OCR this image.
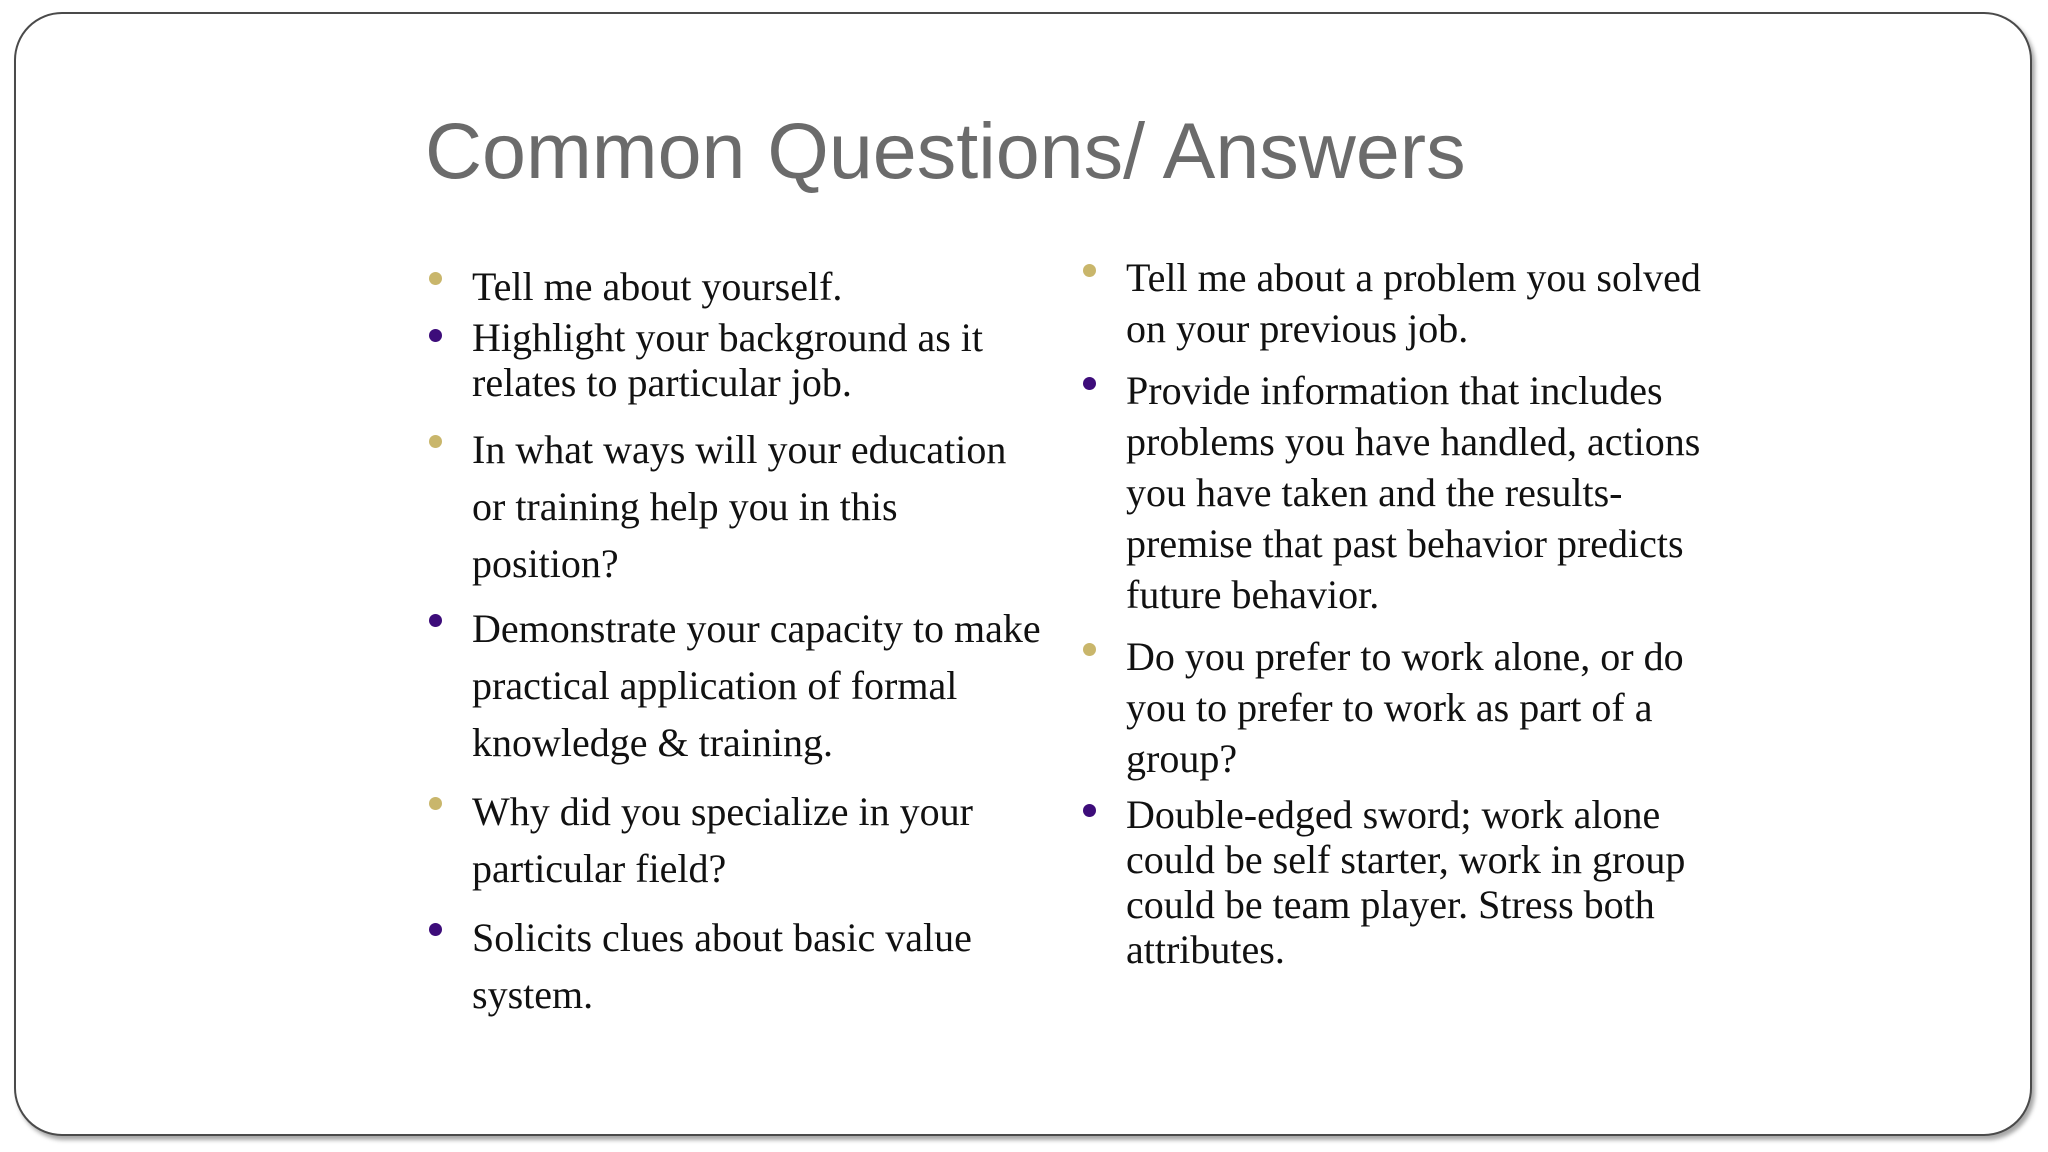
Common Questions/ Answers
Tell me about yourself.
Highlight your background as it relates to particular job.
In what ways will your education or training help you in this position?
Demonstrate your capacity to make practical application of formal knowledge & training.
Why did you specialize in your particular field?
Solicits clues about basic value system.
Tell me about a problem you solved on your previous job.
Provide information that includes problems you have handled, actions you have taken and the results- premise that past behavior predicts future behavior.
Do you prefer to work alone, or do you to prefer to work as part of a group?
Double-edged sword; work alone could be self starter, work in group could be team player. Stress both attributes.
